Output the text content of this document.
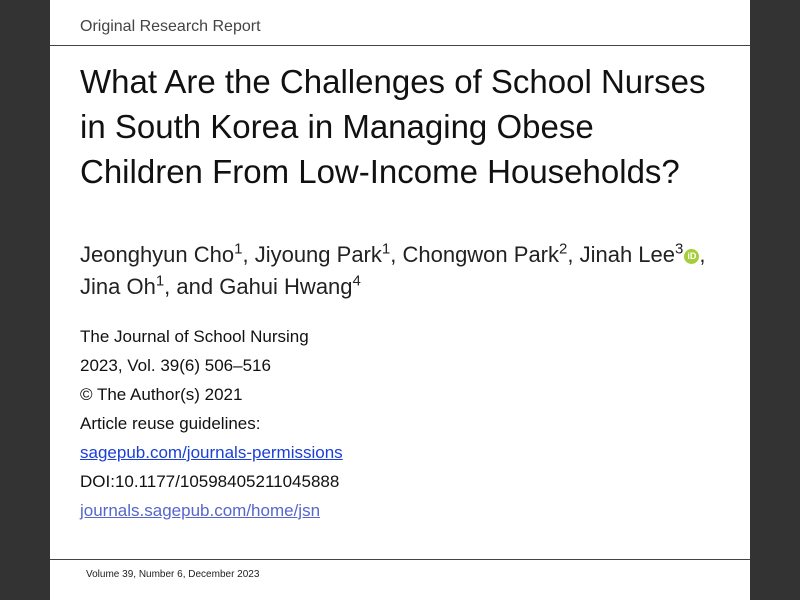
Original Research Report
What Are the Challenges of School Nurses in South Korea in Managing Obese Children From Low-Income Households?
Jeonghyun Cho$^1$, Jiyoung Park$^1$, Chongwon Park$^2$, Jinah Lee$^3$ iD , Jina Oh$^1$, and Gahui Hwang$^4$
The Journal of School Nursing
2023, Vol. 39(6) 506–516
© The Author(s) 2021
Article reuse guidelines:
sagepub.com/journals-permissions
DOI:10.1177/10598405211045888
journals.sagepub.com/home/jsn
Volume 39, Number 6, December 2023
